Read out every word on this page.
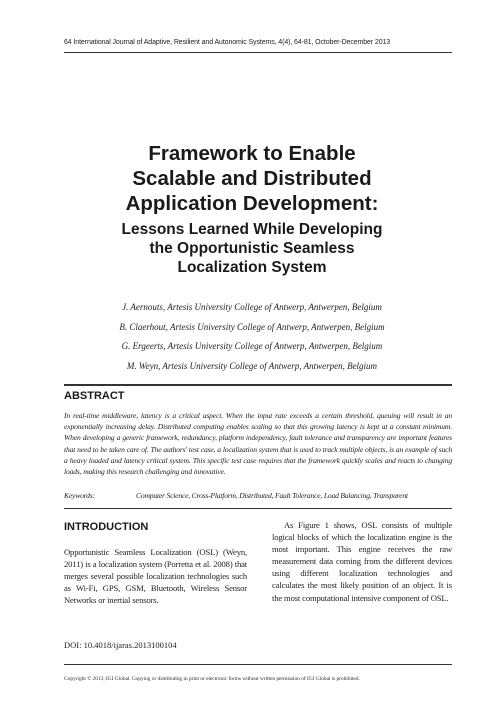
64 International Journal of Adaptive, Resilient and Autonomic Systems, 4(4), 64-81, October-December 2013
Framework to Enable
Scalable and Distributed
Application Development:
Lessons Learned While Developing
the Opportunistic Seamless
Localization System
J. Aernouts, Artesis University College of Antwerp, Antwerpen, Belgium
B. Claerhout, Artesis University College of Antwerp, Antwerpen, Belgium
G. Ergeerts, Artesis University College of Antwerp, Antwerpen, Belgium
M. Weyn, Artesis University College of Antwerp, Antwerpen, Belgium
ABSTRACT
In real-time middleware, latency is a critical aspect. When the input rate exceeds a certain threshold, queuing will result in an exponentially increasing delay. Distributed computing enables scaling so that this growing latency is kept at a constant minimum. When developing a generic framework, redundancy, platform independency, fault tolerance and transparency are important features that need to be taken care of. The authors' test case, a localization system that is used to track multiple objects, is an example of such a heavy loaded and latency critical system. This specific test case requires that the framework quickly scales and reacts to changing loads, making this research challenging and innovative.
Keywords:	Computer Science, Cross-Platform, Distributed, Fault Tolerance, Load Balancing, Transparent
INTRODUCTION

Opportunistic Seamless Localization (OSL) (Weyn, 2011) is a localization system (Porretta et al. 2008) that merges several possible localization technologies such as Wi-Fi, GPS, GSM, Bluetooth, Wireless Sensor Networks or inertial sensors.

As Figure 1 shows, OSL consists of multiple logical blocks of which the localization engine is the most important. This engine receives the raw measurement data coming from the different devices using different localization technologies and calculates the most likely position of an object. It is the most computational intensive component of OSL.

DOI: 10.4018/ijaras.2013100104
Copyright © 2013, IGI Global. Copying or distributing in print or electronic forms without written permission of IGI Global is prohibited.
